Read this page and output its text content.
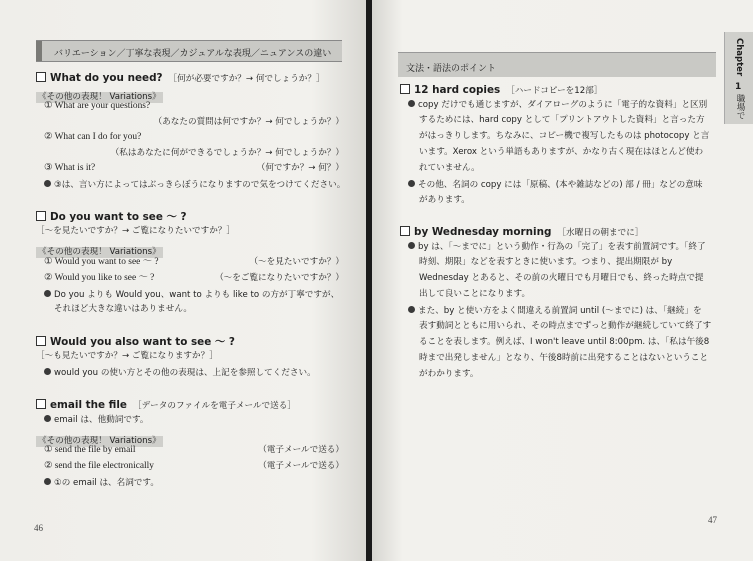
バリエーション／丁寧な表現／カジュアルな表現／ニュアンスの違い
What do you need? ［何が必要ですか？→ 何でしょうか？］
《その他の表現！ Variations》
① What are your questions?
（あなたの質問は何ですか？→ 何でしょうか？）
② What can I do for you?
（私はあなたに何ができるでしょうか？→ 何でしょうか？）
③ What is it?	（何ですか？→ 何？）
③は、言い方によってはぶっきらぼうになりますので気をつけてください。
Do you want to see ～ ?
［～を見たいですか？→ ご覧になりたいですか？］
《その他の表現！ Variations》
① Would you want to see ～ ?	（～を見たいですか？）
② Would you like to see ～ ?	（～をご覧になりたいですか？）
Do you よりも Would you、want to よりも like to の方が丁寧ですが、
それほど大きな違いはありません。
Would you also want to see ～ ?
［～も見たいですか？→ ご覧になりますか？］
would you の使い方とその他の表現は、上記を参照してください。
email the file ［データのファイルを電子メールで送る］
email は、他動詞です。
《その他の表現！ Variations》
① send the file by email	（電子メールで送る）
② send the file electronically	（電子メールで送る）
①の email は、名詞です。
46
文法・語法のポイント	Chapter
1
職場で
12 hard copies ［ハードコピーを12部］
copy だけでも通じますが、ダイアローグのように「電子的な資料」と区別
するためには、hard copy として「プリントアウトした資料」と言った方
がはっきりします。ちなみに、コピー機で複写したものは photocopy と言
います。Xerox という単語もありますが、かなり古く現在はほとんど使わ
れていません。
その他、名詞の copy には「原稿、(本や雑誌などの) 部 / 冊」などの意味
があります。
by Wednesday morning ［水曜日の朝までに］
by は、「～までに」という動作・行為の「完了」を表す前置詞です。「終了
時刻、期限」などを表すときに使います。つまり、提出期限が by
Wednesday とあると、その前の火曜日でも月曜日でも、終った時点で提
出して良いことになります。
また、by と使い方をよく間違える前置詞 until (～までに) は、「継続」を
表す動詞とともに用いられ、その時点までずっと動作が継続していて終了す
ることを表します。例えば、I won't leave until 8:00pm. は、「私は午後8
時まで出発しません」となり、午後8時前に出発することはないということ
がわかります。
47
